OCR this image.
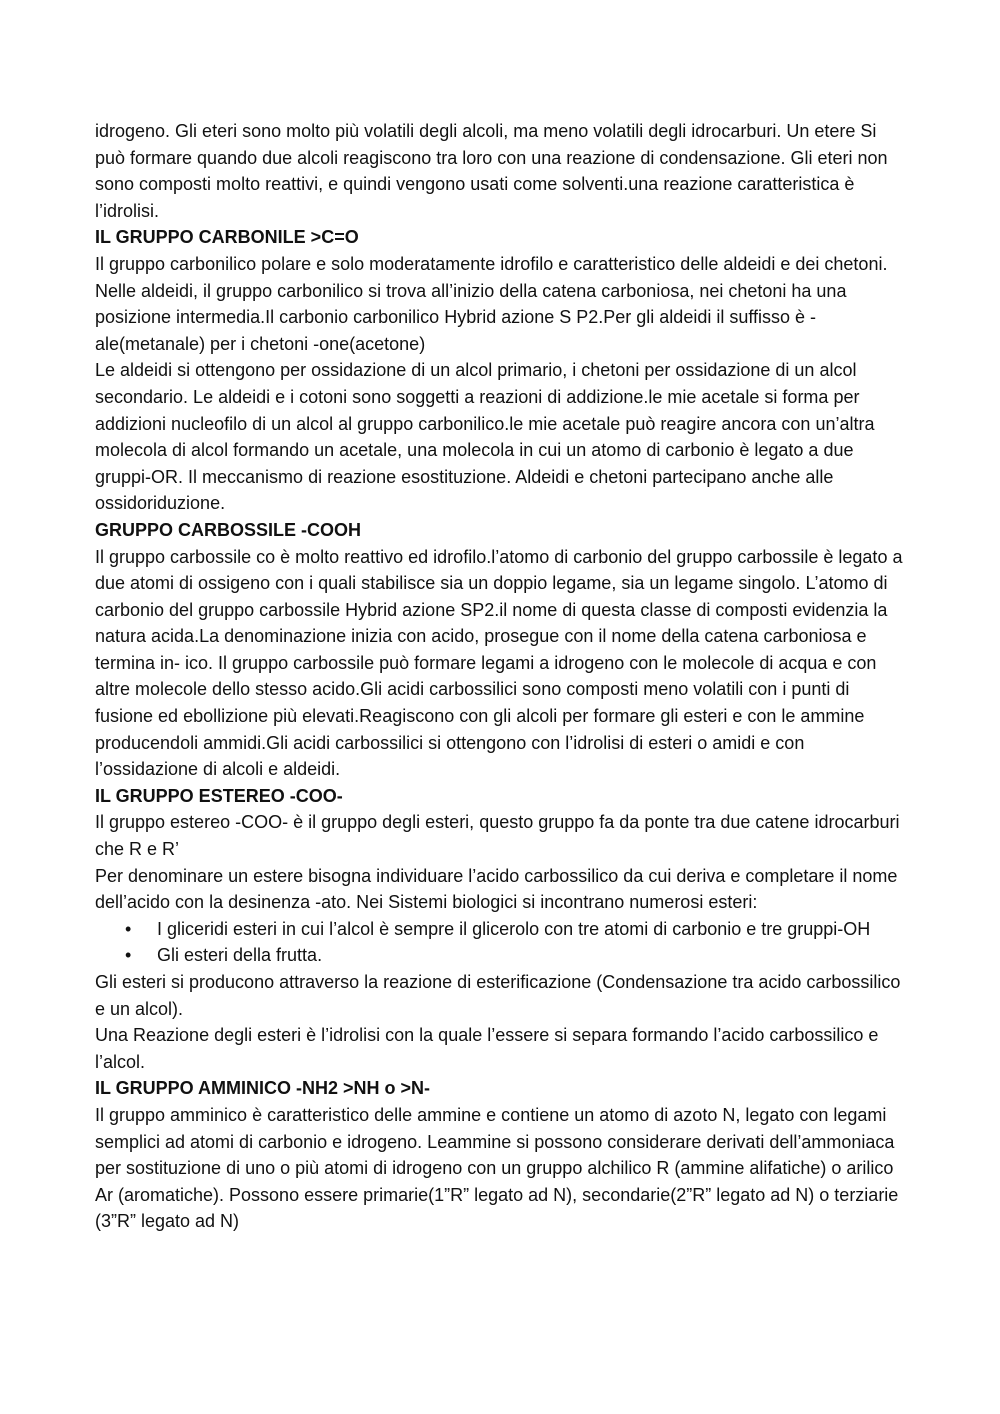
idrogeno. Gli eteri sono molto più volatili degli alcoli, ma meno volatili degli idrocarburi. Un etere Si può formare quando due alcoli reagiscono tra loro con una reazione di condensazione. Gli eteri non sono composti molto reattivi, e quindi vengono usati come solventi.una reazione caratteristica è l’idrolisi.

IL GRUPPO CARBONILE >C=O

Il gruppo carbonilico polare e solo moderatamente idrofilo e caratteristico delle aldeidi e dei chetoni. Nelle aldeidi, il gruppo carbonilico si trova all’inizio della catena carboniosa, nei chetoni ha una posizione intermedia.Il carbonio carbonilico Hybrid azione S P2.Per gli aldeidi il suffisso è -ale(metanale) per i chetoni -one(acetone)

Le aldeidi si ottengono per ossidazione di un alcol primario, i chetoni per ossidazione di un alcol secondario. Le aldeidi e i cotoni sono soggetti a reazioni di addizione.le mie acetale si forma per addizioni nucleofilo di un alcol al gruppo carbonilico.le mie acetale può reagire ancora con un’altra molecola di alcol formando un acetale, una molecola in cui un atomo di carbonio è legato a due gruppi-OR. Il meccanismo di reazione esostituzione. Aldeidi e chetoni partecipano anche alle ossidoriduzione.

GRUPPO CARBOSSILE -COOH

Il gruppo carbossile co è molto reattivo ed idrofilo.l’atomo di carbonio del gruppo carbossile è legato a due atomi di ossigeno con i quali stabilisce sia un doppio legame, sia un legame singolo. L’atomo di carbonio del gruppo carbossile Hybrid azione SP2.il nome di questa classe di composti evidenzia la natura acida.La denominazione inizia con acido, prosegue con il nome della catena carboniosa e termina in- ico. Il gruppo carbossile può formare legami a idrogeno con le molecole di acqua e con altre molecole dello stesso acido.Gli acidi carbossilici sono composti meno volatili con i punti di fusione ed ebollizione più elevati.Reagiscono con gli alcoli per formare gli esteri e con le ammine producendoli ammidi.Gli acidi carbossilici si ottengono con l’idrolisi di esteri o amidi e con l’ossidazione di alcoli e aldeidi.

IL GRUPPO ESTEREO -COO-

Il gruppo estereo -COO- è il gruppo degli esteri, questo gruppo fa da ponte tra due catene idrocarburi che R e R’

Per denominare un estere bisogna individuare l’acido carbossilico da cui deriva e completare il nome dell’acido con la desinenza -ato. Nei Sistemi biologici si incontrano numerosi esteri:

• I gliceridi esteri in cui l’alcol è sempre il glicerolo con tre atomi di carbonio e tre gruppi-OH
• Gli esteri della frutta.

Gli esteri si producono attraverso la reazione di esterificazione (Condensazione tra acido carbossilico e un alcol).

Una Reazione degli esteri è l’idrolisi con la quale l’essere si separa formando l’acido carbossilico e l’alcol.

IL GRUPPO AMMINICO -NH2 >NH o >N-

Il gruppo amminico è caratteristico delle ammine e contiene un atomo di azoto N, legato con legami semplici ad atomi di carbonio e idrogeno. Leammine si possono considerare derivati dell’ammoniaca per sostituzione di uno o più atomi di idrogeno con un gruppo alchilico R (ammine alifatiche) o arilico Ar (aromatiche). Possono essere primarie(1”R” legato ad N), secondarie(2”R” legato ad N) o terziarie (3”R” legato ad N)
